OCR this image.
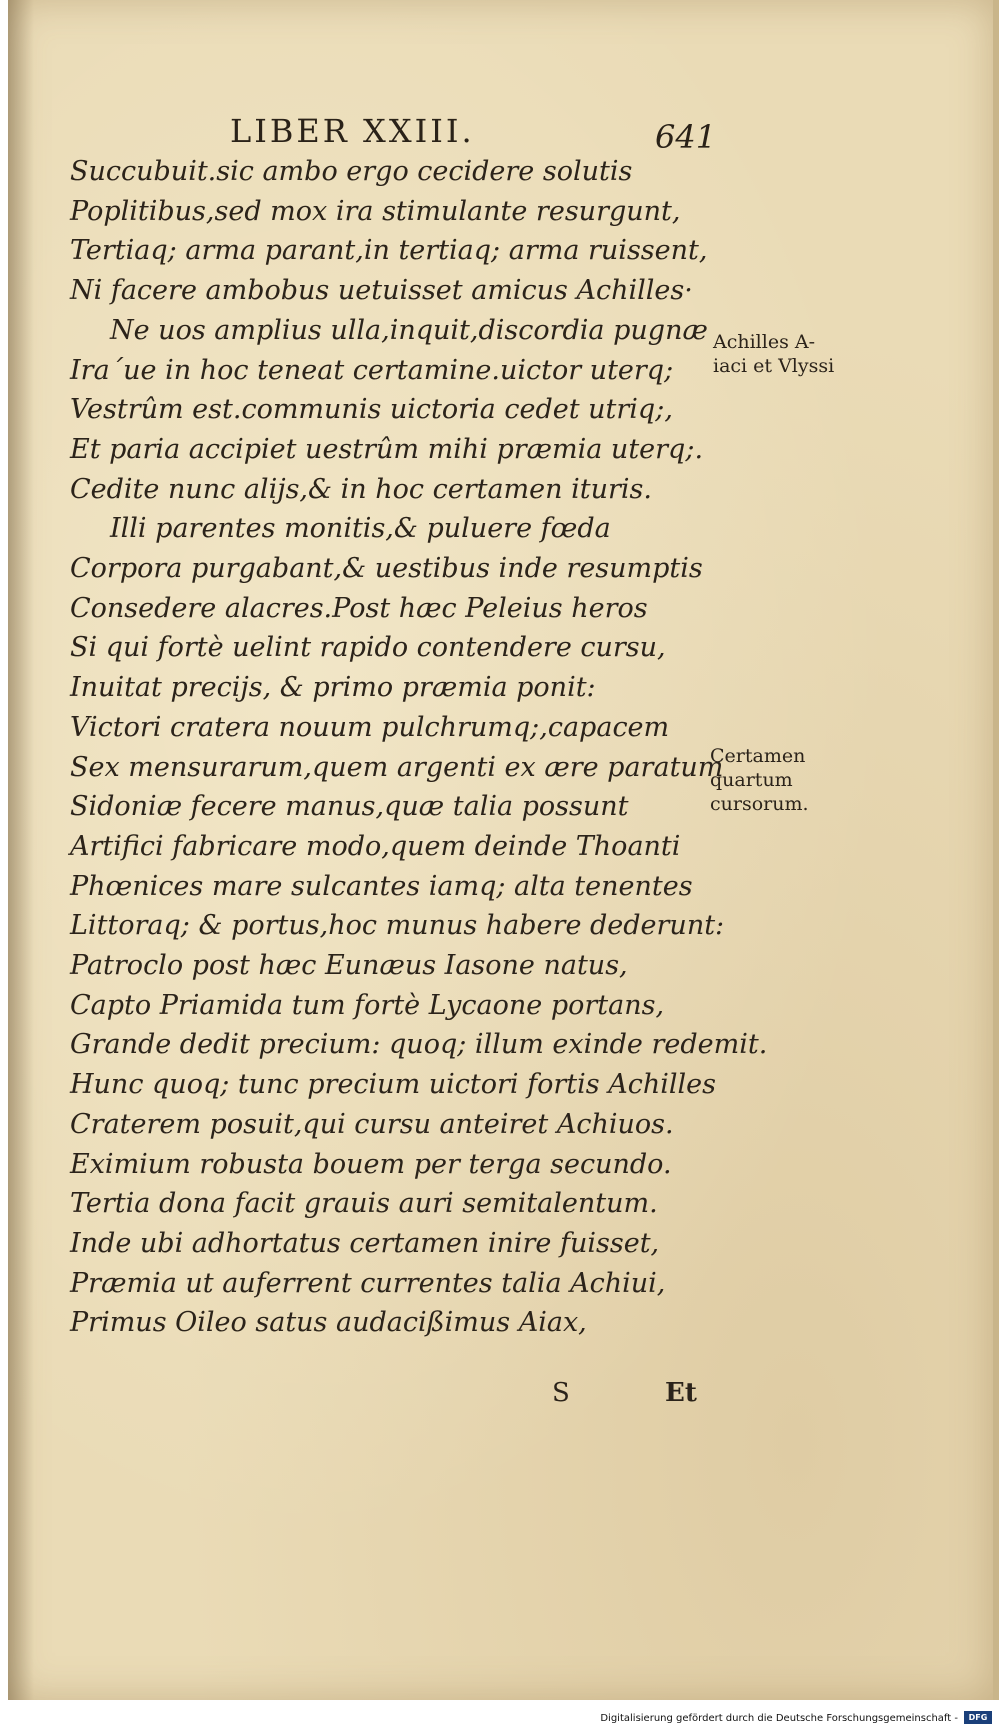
LIBER XXIII.	641
Succubuit.sic ambo ergo cecidere solutis
Poplitibus,sed mox ira stimulante resurgunt,
Tertiaq; arma parant,in tertiaq; arma ruissent,
Ni facere ambobus uetuisset amicus Achilles·
Ne uos amplius ulla,inquit,discordia pugnæ
Ira´ue in hoc teneat certamine.uictor uterq;
Vestrûm est.communis uictoria cedet utriq;,
Et paria accipiet uestrûm mihi præmia uterq;.
Cedite nunc alijs,& in hoc certamen ituris.
Illi parentes monitis,& puluere fœda
Corpora purgabant,& uestibus inde resumptis
Consedere alacres.Post hæc Peleius heros
Si qui fortè uelint rapido contendere cursu,
Inuitat precijs, & primo præmia ponit:
Victori cratera nouum pulchrumq;,capacem
Sex mensurarum,quem argenti ex ære paratum
Sidoniæ fecere manus,quæ talia possunt
Artifici fabricare modo,quem deinde Thoanti
Phœnices mare sulcantes iamq; alta tenentes
Littoraq; & portus,hoc munus habere dederunt:
Patroclo post hæc Eunæus Iasone natus,
Capto Priamida tum fortè Lycaone portans,
Grande dedit precium: quoq; illum exinde redemit.
Hunc quoq; tunc precium uictori fortis Achilles
Craterem posuit,qui cursu anteiret Achiuos.
Eximium robusta bouem per terga secundo.
Tertia dona facit grauis auri semitalentum.
Inde ubi adhortatus certamen inire fuisset,
Præmia ut auferrent currentes talia Achiui,
Primus Oileo satus audacißimus Aiax,
Achilles A-
iaci et Vlyssi
Certamen
quartum
cursorum.
S	Et
Digitalisierung gefördert durch die Deutsche Forschungsgemeinschaft -	DFG
